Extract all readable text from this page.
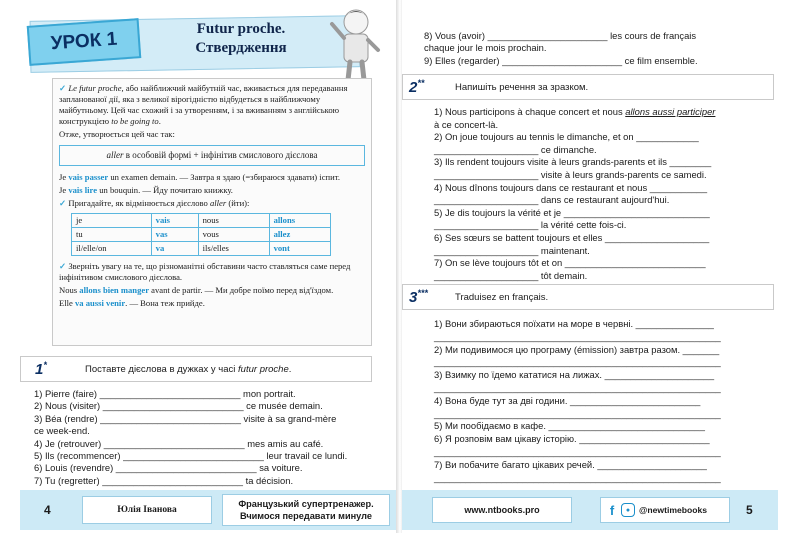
УРОК 1	Futur proche.
Ствердження

✓ Le futur proche, або найближчий майбутній час, вживається для передавання запланованої дії, яка з великої вірогідністю відбудеться в найближчому майбутньому. Цей час схожий і за утворенням, і за вживанням з англійською конструкцією to be going to.

Отже, утворюється цей час так:

aller в особовій формі + інфінітив смислового дієслова

Je vais passer un examen demain. — Завтра я здаю (=збираюся здавати) іспит.

Je vais lire un bouquin. — Йду почитаю книжку.

✓ Пригадайте, як відмінюється дієслово aller (йти):

je	vais	nous	allons
tu	vas	vous	allez
il/elle/on	va	ils/elles	vont

✓ Зверніть увагу на те, що різноманітні обставини часто ставляться саме перед інфінітивом смислового дієслова.

Nous allons bien manger avant de partir. — Ми добре поїмо перед від'їздом.

Elle va aussi venir. — Вона теж прийде.

1*	Поставте дієслова в дужках у часі futur proche.
1) Pierre (faire) ___________________________ mon portrait.
2) Nous (visiter) ___________________________ ce musée demain.
3) Béa (rendre) ___________________________ visite à sa grand-mère
ce week-end.
4) Je (retrouver) ___________________________ mes amis au café.
5) Ils (recommencer) ___________________________ leur travail ce lundi.
6) Louis (revendre) ___________________________ sa voiture.
7) Tu (regretter) ___________________________ ta décision.
4	Юлія Іванова
Французький супертренажер.
Вчимося передавати минуле
8) Vous (avoir) _______________________ les cours de français
chaque jour le mois prochain.
9) Elles (regarder) _______________________ ce film ensemble.
2**	Напишіть речення за зразком.
1) Nous participons à chaque concert et nous allons aussi participer
à ce concert-là.
2) On joue toujours au tennis le dimanche, et on ____________
____________________ ce dimanche.
3) Ils rendent toujours visite à leurs grands-parents et ils ________
____________________ visite à leurs grands-parents ce samedi.
4) Nous dînons toujours dans ce restaurant et nous ___________
____________________ dans ce restaurant aujourd'hui.
5) Je dis toujours la vérité et je ____________________________
____________________ la vérité cette fois-ci.
6) Ses sœurs se battent toujours et elles ____________________
____________________ maintenant.
7) On se lève toujours tôt et on ___________________________
____________________ tôt demain.
3***	Traduisez en français.
1) Вони збираються поїхати на море в червні. _______________
_______________________________________________________
2) Ми подивимося цю програму (émission) завтра разом. _______
_______________________________________________________
3) Взимку по їдемо кататися на лижах. _____________________
_______________________________________________________
4) Вона буде тут за дві години. _________________________
_______________________________________________________
5) Ми пообідаємо в кафе. ______________________________
6) Я розповім вам цікаву історію. _________________________
_______________________________________________________
7) Ви побачите багато цікавих речей. _____________________
_______________________________________________________
www.ntbooks.pro	f	●	@newtimebooks	5
